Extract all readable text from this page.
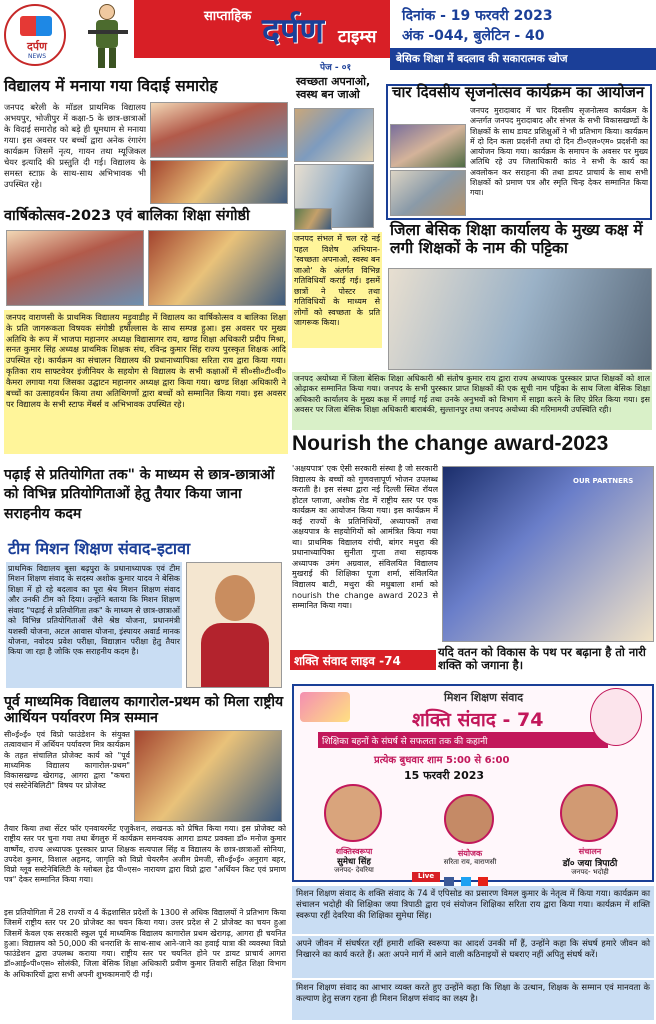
दर्पण
NEWS
साप्ताहिक दर्पण टाइम्स
पेज - ०१
दिनांक - 19 फरवरी 2023
अंक -044, बुलेटिन - 40
बेसिक शिक्षा में बदलाव की सकारात्मक खोज
विद्यालय में मनाया गया विदाई समारोह
जनपद बरेली के मॉडल प्राथमिक विद्यालय अभयपुर, भोजीपुर में कक्षा-5 के छात्र-छात्राओं के विदाई समारोह को बड़े ही धूमधाम से मनाया गया। इस अवसर पर बच्चों द्वारा अनेक रंगारंग कार्यक्रम जिसमें नृत्य, गायन तथा म्यूजिकल चेयर इत्यादि की प्रस्तुति दी गई। विद्यालय के समस्त स्टाफ़ के साथ-साथ अभिभावक भी उपस्थित रहे।
स्वच्छता अपनाओ, स्वस्थ बन जाओ
जनपद संभल में चल रहे नई पहल विशेष अभियान- 'स्वच्छता अपनाओ, स्वस्थ बन जाओ' के अंतर्गत विभिन्न गतिविधियाँ कराई गई। इसमें छात्रों ने पोस्टर तथा गतिविधियों के माध्यम से लोगों को स्वच्छता के प्रति जागरूक किया।
चार दिवसीय सृजनोत्सव कार्यक्रम का आयोजन
जनपद मुरादाबाद में चार दिवसीय सृजनोत्सव कार्यक्रम के अन्तर्गत जनपद मुरादाबाद और संभल के सभी विकासखण्डों के शिक्षकों के साथ डायट प्रशिक्षुओं ने भी प्रतिभाग किया। कार्यक्रम में दो दिन कला प्रदर्शनी तथा दो दिन टी०एल०एम० प्रदर्शनी का आयोजन किया गया। कार्यक्रम के समापन के अवसर पर मुख्य अतिथि रहे उप जिलाधिकारी कांठ ने सभी के कार्य का अवलोकन कर सराहना की तथा डायट प्राचार्य के साथ सभी शिक्षकों को प्रमाण पत्र और स्मृति चिन्ह देकर सम्मानित किया गया।
वार्षिकोत्सव-2023 एवं बालिका शिक्षा संगोष्ठी
जनपद वाराणसी के प्राथमिक विद्यालय मड़ुवाडीह में विद्यालय का वार्षिकोत्सव व बालिका शिक्षा के प्रति जागरूकता विषयक संगोष्ठी हर्षोल्लास के साथ सम्पन्न हुआ। इस अवसर पर मुख्य अतिथि के रूप में भाजपा महानगर अध्यक्ष विद्यासागर राय, खण्ड शिक्षा अधिकारी प्रदीप मिश्रा, सनत कुमार सिंह अध्यक्ष प्राथमिक शिक्षक संघ, रविन्द्र कुमार सिंह राज्य पुरस्कृत शिक्षक आदि उपस्थित रहे। कार्यक्रम का संचालन विद्यालय की प्रधानाध्यापिका सरिता राय द्वारा किया गया। कृतिका राय साफ्टवेयर इंजीनियर के सहयोग से विद्यालय के सभी कक्षाओं में सी०सी०टी०वी० कैमरा लगाया गया जिसका उद्घाटन महानगर अध्यक्ष द्वारा किया गया। खण्ड शिक्षा अधिकारी ने बच्चों का उत्साहवर्धन किया तथा अतिथिगणों द्वारा बच्चों को सम्मानित किया गया। इस अवसर पर विद्यालय के सभी स्टाफ मेंबर्स व अभिभावक उपस्थित रहे।
जिला बेसिक शिक्षा कार्यालय के मुख्य कक्ष में लगी शिक्षकों के नाम की पट्टिका
जनपद अयोध्या में जिला बेसिक शिक्षा अधिकारी श्री संतोष कुमार राय द्वारा राज्य अध्यापक पुरस्कार प्राप्त शिक्षकों को शाल ओढ़ाकर सम्मानित किया गया। जनपद के सभी पुरस्कार प्राप्त शिक्षकों की एक सूची नाम पट्टिका के साथ जिला बेसिक शिक्षा अधिकारी कार्यालय के मुख्य कक्ष में लगाई गई तथा उनके अनुभवों को विभाग में साझा करने के लिए प्रेरित किया गया। इस अवसर पर जिला बेसिक शिक्षा अधिकारी बाराबंकी, सुल्तानपुर तथा जनपद अयोध्या की गरिमामयी उपस्थिति रही।
Nourish the change award-2023
'अक्षयपात्र' एक ऐसी सरकारी संस्था है जो सरकारी विद्यालय के बच्चों को गुणवत्तापूर्ण भोजन उपलब्ध कराती है। इस संस्था द्वारा नई दिल्ली स्थित रॉयल होटल प्लाजा, अशोक रोड में राष्ट्रीय स्तर पर एक कार्यक्रम का आयोजन किया गया। इस कार्यक्रम में कई राज्यों के प्रतिनिधियों, अध्यापकों तथा अक्षयपात्र के सहयोगियों को आमंत्रित किया गया था। प्राथमिक विद्यालय रांची, बांगर मथुरा की प्रधानाध्यापिका सुनीता गुप्ता तथा सहायक अध्यापक उमंग अग्रवाल, संविलयित विद्यालय मुखराई की शिक्षिका पूजा शर्मा, संविलयित विद्यालय बाटी, मथुरा की मधुबाला शर्मा को nourish the change award 2023 से सम्मानित किया गया।
OUR PARTNERS
पढ़ाई से प्रतियोगिता तक" के माध्यम से छात्र-छात्राओं को विभिन्न प्रतियोगिताओं हेतु तैयार किया जाना सराहनीय कदम
टीम मिशन शिक्षण संवाद-इटावा
प्राथमिक विद्यालय बूसा बढ़पुरा के प्रधानाध्यापक एवं टीम मिशन शिक्षण संवाद के सदस्य अशोक कुमार यादव ने बेसिक शिक्षा में हो रहे बदलाव का पूरा श्रेय मिशन शिक्षण संवाद और उनकी टीम को दिया। उन्होंने बताया कि मिशन शिक्षण संवाद "पढ़ाई से प्रतियोगिता तक" के माध्यम से छात्र-छात्राओं को विभिन्न प्रतियोगिताओं जैसे श्रेष्ठ योजना, प्रधानमंत्री यशस्वी योजना, अटल आवास योजना, इंस्पायर अवार्ड मानक योजना, नवोदय प्रवेश परीक्षा, विद्याज्ञान परीक्षा हेतु तैयार किया जा रहा है जोकि एक सराहनीय कदम है।
पूर्व माध्यमिक विद्यालय कागारोल-प्रथम को मिला राष्ट्रीय आर्थियन पर्यावरण मित्र सम्मान
सी०ई०ई० एवं विप्रो फाउंडेशन के संयुक्त तत्वावधान में अर्थियन पर्यावरण मित्र कार्यक्रम के तहत संचालित प्रोजेक्ट कार्य को "पूर्व माध्यमिक विद्यालय कागारोल-प्रथम" विकासखण्ड खेरागढ़, आगरा द्वारा "कचरा एवं सस्टेनेबिलिटी" विषय पर प्रोजेक्ट
तैयार किया तथा सेंटर फॉर एनवायरमेंट एजुकेशन, लखनऊ को प्रेषित किया गया। इस प्रोजेक्ट को राष्ट्रीय स्तर पर चुना गया तथा बेंगलुरु में कार्यक्रम समन्वयक आगरा डायट प्रवक्ता डॉ० मनोज कुमार वार्ष्णेय, राज्य अध्यापक पुरस्कार प्राप्त शिक्षक सत्यपाल सिंह व विद्यालय के छात्र-छात्राओं सोनिया, उपदेश कुमार, विशाल अहमद, जागृति को विप्रो चेयरमैन अजीम प्रेमजी, सी०ई०ई० अनुराग बहर, विप्रो ग्लूव सस्टेनेबिलिटी के ग्लोबल हेड पी०एस० नारायण द्वारा विप्रो द्वारा "अर्थियन किट एवं प्रमाण पत्र" देकर सम्मानित किया गया।
इस प्रतियोगिता में 28 राज्यों व 4 केंद्रशासित प्रदेशों के 1300 से अधिक विद्यालयों ने प्रतिभाग किया जिसमें राष्ट्रीय स्तर पर 20 प्रोजेक्ट का चयन किया गया। उत्तर प्रदेश से 2 प्रोजेक्ट का चयन हुआ जिसमें केवल एक सरकारी स्कूल पूर्व माध्यमिक विद्यालय कागारोल प्रथम खेरागढ़, आगरा ही चयनित हुआ। विद्यालय को 50,000 की धनराशि के साथ-साथ आने-जाने का हवाई यात्रा की व्यवस्था विप्रो फाउंडेशन द्वारा उपलब्ध कराया गया। राष्ट्रीय स्तर पर चयनित होने पर डायट प्राचार्य आगरा डॉ०आई०पी०एस० सोलंकी, जिला बेसिक शिक्षा अधिकारी प्रवीण कुमार तिवारी सहित शिक्षा विभाग के अधिकारियों द्वारा सभी अपनी शुभकामनाएँ दी गईं।
शक्ति संवाद लाइव -74
यदि वतन को विकास के पथ पर बढ़ाना है तो नारी शक्ति को जगाना है।
मिशन शिक्षण संवाद
शक्ति संवाद - 74
शिक्षिका बहनों के संघर्ष से सफलता तक की कहानी
प्रत्येक बुधवार शाम 5:00 से 6:00
15 फरवरी 2023
शक्तिस्वरूपा
सुमेधा सिंह
जनपद- देवरिया
संयोजक
सरिता राय, वाराणसी
संचालन
डॉ० जया त्रिपाठी
जनपद- भदोही
Live

मिशन शिक्षण संवाद के शक्ति संवाद के 74 वें एपिसोड का प्रसारण विमल कुमार के नेतृत्व में किया गया। कार्यक्रम का संचालन भदोही की शिक्षिका जया त्रिपाठी द्वारा एवं संयोजन शिक्षिका सरिता राय द्वारा किया गया। कार्यक्रम में शक्ति स्वरूपा रहीं देवरिया की शिक्षिका सुमेधा सिंह।
अपने जीवन में संघर्षरत रहीं हमारी शक्ति स्वरूपा का आदर्श उनकी माँ हैं, उन्होंने कहा कि संघर्ष हमारे जीवन को निखारने का कार्य करते हैं। अतः अपने मार्ग में आने वाली कठिनाइयों से घबराए नहीं अपितु संघर्ष करें।
मिशन शिक्षण संवाद का आभार व्यक्त करते हुए उन्होंने कहा कि शिक्षा के उत्थान, शिक्षक के सम्मान एवं मानवता के कल्याण हेतु सजग रहना ही मिशन शिक्षण संवाद का लक्ष्य है।
